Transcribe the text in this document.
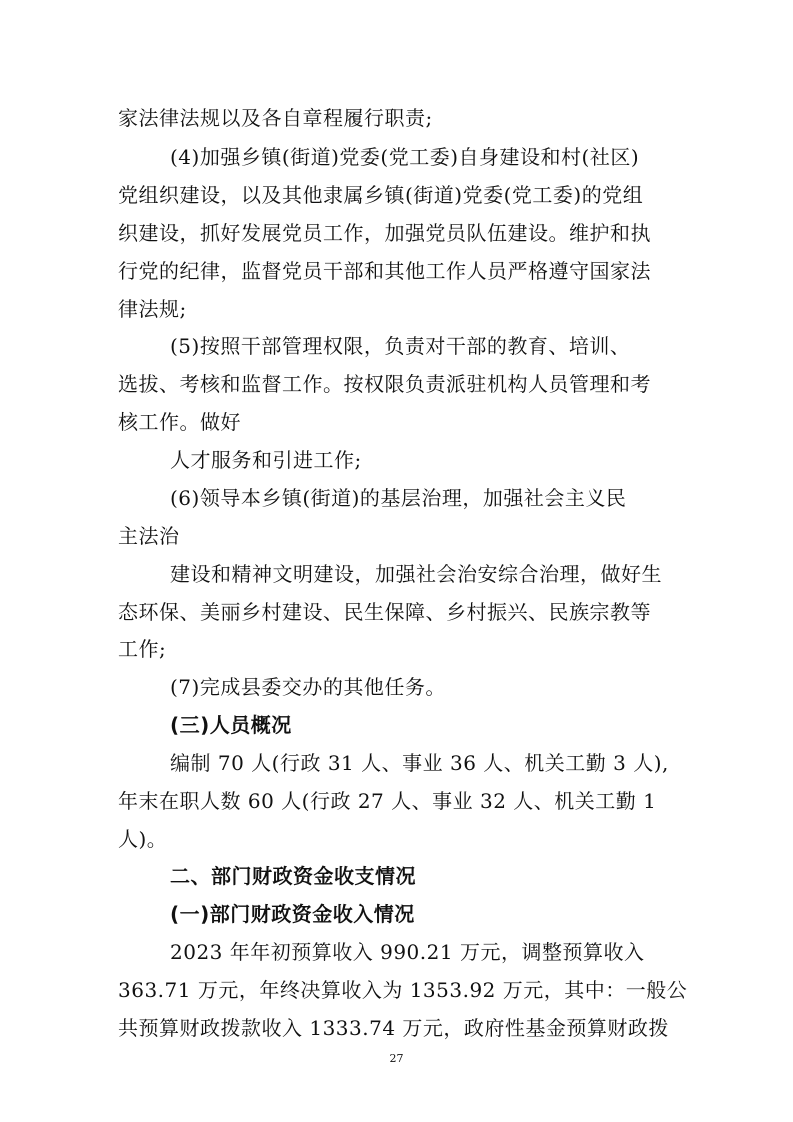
家法律法规以及各自章程履行职责;
(4)加强乡镇(街道)党委(党工委)自身建设和村(社区)
党组织建设，以及其他隶属乡镇(街道)党委(党工委)的党组
织建设，抓好发展党员工作，加强党员队伍建设。维护和执
行党的纪律，监督党员干部和其他工作人员严格遵守国家法
律法规;
(5)按照干部管理权限，负责对干部的教育、培训、
选拔、考核和监督工作。按权限负责派驻机构人员管理和考
核工作。做好
人才服务和引进工作;
(6)领导本乡镇(街道)的基层治理，加强社会主义民
主法治
建设和精神文明建设，加强社会治安综合治理，做好生
态环保、美丽乡村建设、民生保障、乡村振兴、民族宗教等
工作;
(7)完成县委交办的其他任务。
(三)人员概况
编制 70 人(行政 31 人、事业 36 人、机关工勤 3 人),
年末在职人数 60 人(行政 27 人、事业 32 人、机关工勤 1
人)。
二、部门财政资金收支情况
(一)部门财政资金收入情况
2023 年年初预算收入 990.21 万元，调整预算收入
363.71 万元，年终决算收入为 1353.92 万元，其中：一般公
共预算财政拨款收入 1333.74 万元，政府性基金预算财政拨
27
